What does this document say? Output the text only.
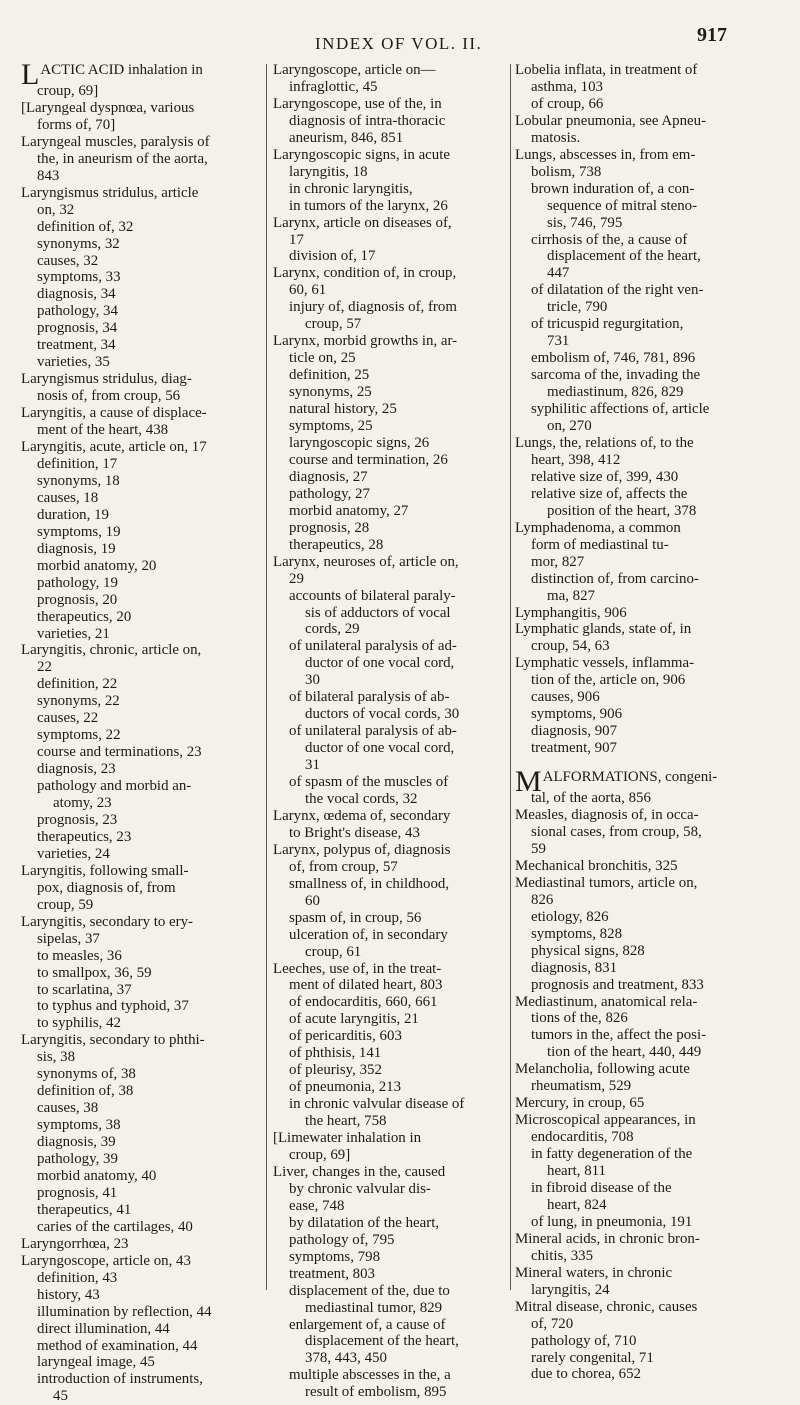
INDEX OF VOL. II.	917
LACTIC ACID inhalation in
croup, 69]
[Laryngeal dyspnœa, various
forms of, 70]
Laryngeal muscles, paralysis of
the, in aneurism of the aorta,
843
Laryngismus stridulus, article
on, 32
definition of, 32
synonyms, 32
causes, 32
symptoms, 33
diagnosis, 34
pathology, 34
prognosis, 34
treatment, 34
varieties, 35
Laryngismus stridulus, diag-
nosis of, from croup, 56
Laryngitis, a cause of displace-
ment of the heart, 438
Laryngitis, acute, article on, 17
definition, 17
synonyms, 18
causes, 18
duration, 19
symptoms, 19
diagnosis, 19
morbid anatomy, 20
pathology, 19
prognosis, 20
therapeutics, 20
varieties, 21
Laryngitis, chronic, article on,
22
definition, 22
synonyms, 22
causes, 22
symptoms, 22
course and terminations, 23
diagnosis, 23
pathology and morbid an-
atomy, 23
prognosis, 23
therapeutics, 23
varieties, 24
Laryngitis, following small-
pox, diagnosis of, from
croup, 59
Laryngitis, secondary to ery-
sipelas, 37
to measles, 36
to smallpox, 36, 59
to scarlatina, 37
to typhus and typhoid, 37
to syphilis, 42
Laryngitis, secondary to phthi-
sis, 38
synonyms of, 38
definition of, 38
causes, 38
symptoms, 38
diagnosis, 39
pathology, 39
morbid anatomy, 40
prognosis, 41
therapeutics, 41
caries of the cartilages, 40
Laryngorrhœa, 23
Laryngoscope, article on, 43
definition, 43
history, 43
illumination by reflection, 44
direct illumination, 44
method of examination, 44
laryngeal image, 45
introduction of instruments,
45
Laryngoscope, article on—
infraglottic, 45
Laryngoscope, use of the, in
diagnosis of intra-thoracic
aneurism, 846, 851
Laryngoscopic signs, in acute
laryngitis, 18
in chronic laryngitis,
in tumors of the larynx, 26
Larynx, article on diseases of,
17
division of, 17
Larynx, condition of, in croup,
60, 61
injury of, diagnosis of, from
croup, 57
Larynx, morbid growths in, ar-
ticle on, 25
definition, 25
synonyms, 25
natural history, 25
symptoms, 25
laryngoscopic signs, 26
course and termination, 26
diagnosis, 27
pathology, 27
morbid anatomy, 27
prognosis, 28
therapeutics, 28
Larynx, neuroses of, article on,
29
accounts of bilateral paraly-
sis of adductors of vocal
cords, 29
of unilateral paralysis of ad-
ductor of one vocal cord,
30
of bilateral paralysis of ab-
ductors of vocal cords, 30
of unilateral paralysis of ab-
ductor of one vocal cord,
31
of spasm of the muscles of
the vocal cords, 32
Larynx, œdema of, secondary
to Bright's disease, 43
Larynx, polypus of, diagnosis
of, from croup, 57
smallness of, in childhood,
60
spasm of, in croup, 56
ulceration of, in secondary
croup, 61
Leeches, use of, in the treat-
ment of dilated heart, 803
of endocarditis, 660, 661
of acute laryngitis, 21
of pericarditis, 603
of phthisis, 141
of pleurisy, 352
of pneumonia, 213
in chronic valvular disease of
the heart, 758
[Limewater inhalation in
croup, 69]
Liver, changes in the, caused
by chronic valvular dis-
ease, 748
by dilatation of the heart,
pathology of, 795
symptoms, 798
treatment, 803
displacement of the, due to
mediastinal tumor, 829
enlargement of, a cause of
displacement of the heart,
378, 443, 450
multiple abscesses in the, a
result of embolism, 895
Lobelia inflata, in treatment of
asthma, 103
of croup, 66
Lobular pneumonia, see Apneu-
matosis.
Lungs, abscesses in, from em-
bolism, 738
brown induration of, a con-
sequence of mitral steno-
sis, 746, 795
cirrhosis of the, a cause of
displacement of the heart,
447
of dilatation of the right ven-
tricle, 790
of tricuspid regurgitation,
731
embolism of, 746, 781, 896
sarcoma of the, invading the
mediastinum, 826, 829
syphilitic affections of, article
on, 270
Lungs, the, relations of, to the
heart, 398, 412
relative size of, 399, 430
relative size of, affects the
position of the heart, 378
Lymphadenoma, a common
form of mediastinal tu-
mor, 827
distinction of, from carcino-
ma, 827
Lymphangitis, 906
Lymphatic glands, state of, in
croup, 54, 63
Lymphatic vessels, inflamma-
tion of the, article on, 906
causes, 906
symptoms, 906
diagnosis, 907
treatment, 907
MALFORMATIONS, congeni-
tal, of the aorta, 856
Measles, diagnosis of, in occa-
sional cases, from croup, 58,
59
Mechanical bronchitis, 325
Mediastinal tumors, article on,
826
etiology, 826
symptoms, 828
physical signs, 828
diagnosis, 831
prognosis and treatment, 833
Mediastinum, anatomical rela-
tions of the, 826
tumors in the, affect the posi-
tion of the heart, 440, 449
Melancholia, following acute
rheumatism, 529
Mercury, in croup, 65
Microscopical appearances, in
endocarditis, 708
in fatty degeneration of the
heart, 811
in fibroid disease of the
heart, 824
of lung, in pneumonia, 191
Mineral acids, in chronic bron-
chitis, 335
Mineral waters, in chronic
laryngitis, 24
Mitral disease, chronic, causes
of, 720
pathology of, 710
rarely congenital, 71
due to chorea, 652
